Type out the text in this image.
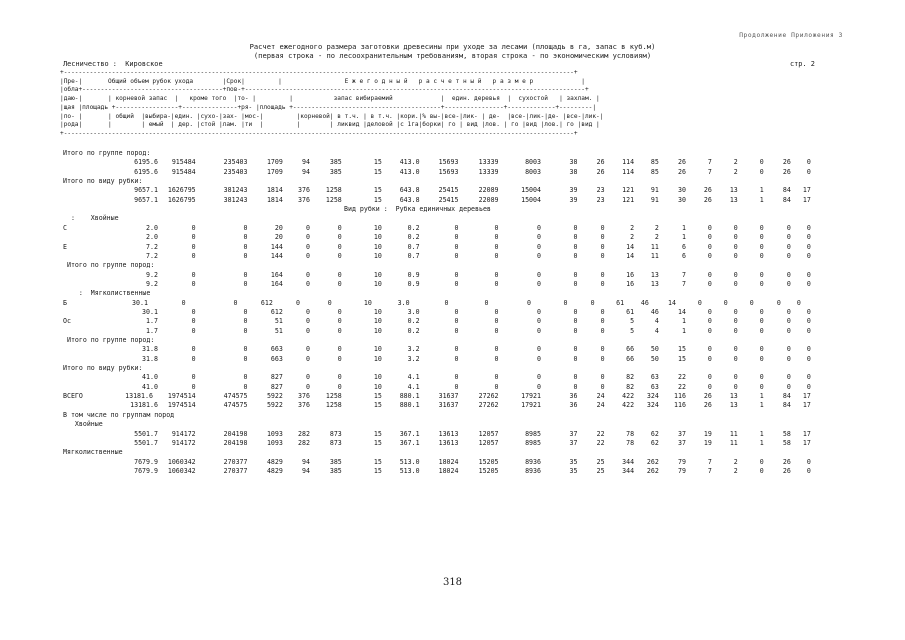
Продолжение Приложения 3
Расчет ежегодного размера заготовки древесины при уходе за лесами (площадь в га, запас в куб.м)
(первая строка - по лесоохранительным требованиям, вторая строка - по экономическим условиям)
Лесничество : Кировское	стр. 2
+------------------------------------------------------------------------------------------------------------------------------------------+
|Пре-|       Общий объем рубок ухода        |Срок|         |                 Е ж е г о д н ы й   р а с ч е т н ы й   р а з м е р             |
|обла+--------------------------------------+пов-+--------------------------------------------------------------------------------------------+
|даю-|       | корневой запас  |   кроме того  |то- |         |           запас вибираемий             |  един. деревья  |  сухостой   | захлам. |
|щая |площадь +-----------------+---------------+ря- |площадь +----------------------------------------+----------------+-------------+---------|
|по- |       | общий  |выбира-|един. |сухо-|зах- |мос-|         |корневой| в т.ч. | в т.ч. |кори.|% вы-|все-|лик- | де-  |все-|лик-|де- |все-|лик-|
|рода|       |        | емый  | дер. |стой |лам. |ти  |         |        | ликвид |деловой |с 1га|борки| го | вид |лов. | го |вид |лов.| го |вид |
+------------------------------------------------------------------------------------------------------------------------------------------+
Итого по группе пород:
6195.6 915484	235403	1709	94	385	15	413.0	15693	13339	8003	38	26	114	85	26	7	2	0	26 0
6195.6 915484	235403	1709	94	385	15	413.0	15693	13339	8003	38	26	114	85	26	7	2	0	26 0
Итого по виду рубки:
9657.1 1626795	381243	1814 376 1258	15	643.8	25415	22089	15004	39	23	121	91	30	26	13	1	84 17
9657.1 1626795	381243	1814 376 1258	15	643.8	25415	22089	15004	39	23	121	91	30	26	13	1	84 17
Вид рубки :  Рубка единичных деревьев
:    Хвойные
С	2.0	0	0	20	0	0	10	0.2	0	0	0	0	0	2	2	1	0	0	0	0 0
2.0	0	0	20	0	0	10	0.2	0	0	0	0	0	2	2	1	0	0	0	0 0
Е	7.2	0	0	144	0	0	10	0.7	0	0	0	0	0	14	11	6	0	0	0	0 0
7.2	0	0	144	0	0	10	0.7	0	0	0	0	0	14	11	6	0	0	0	0 0
Итого по группе пород:
9.2	0	0	164	0	0	10	0.9	0	0	0	0	0	16	13	7	0	0	0	0 0
9.2	0	0	164	0	0	10	0.9	0	0	0	0	0	16	13	7	0	0	0	0 0
:  Мягколиственные
Б	30.1	0	0	612	0	0	10	3.0	0	0	0	0	0	61	46	14	0	0	0	0 0
30.1	0	0	612	0	0	10	3.0	0	0	0	0	0	61	46	14	0	0	0	0 0
Ос	1.7	0	0	51	0	0	10	0.2	0	0	0	0	0	5	4	1	0	0	0	0 0
1.7	0	0	51	0	0	10	0.2	0	0	0	0	0	5	4	1	0	0	0	0 0
Итого по группе пород:
31.8	0	0	663	0	0	10	3.2	0	0	0	0	0	66	50	15	0	0	0	0 0
31.8	0	0	663	0	0	10	3.2	0	0	0	0	0	66	50	15	0	0	0	0 0
Итого по виду рубки:
41.0	0	0	827	0	0	10	4.1	0	0	0	0	0	82	63	22	0	0	0	0 0
41.0	0	0	827	0	0	10	4.1	0	0	0	0	0	82	63	22	0	0	0	0 0
ВСЕГО	13181.6 1974514	474575	5922 376 1258	15	880.1	31637	27262	17921	36	24	422 324 116	26	13	1	84 17
13181.6 1974514	474575	5922 376 1258	15	880.1	31637	27262	17921	36	24	422 324 116	26	13	1	84 17
В том числе по группам пород
Хвойные
5501.7 914172	204198	1093 282	873	15	367.1	13613	12057	8985	37	22	78	62	37	19	11	1	58 17
5501.7 914172	204198	1093 282	873	15	367.1	13613	12057	8985	37	22	78	62	37	19	11	1	58 17
Мягколиственные
7679.9 1060342	270377	4829	94	385	15	513.0	18024	15205	8936	35	25	344 262	79	7	2	0	26 0
7679.9 1060342	270377	4829	94	385	15	513.0	18024	15205	8936	35	25	344 262	79	7	2	0	26 0
318
